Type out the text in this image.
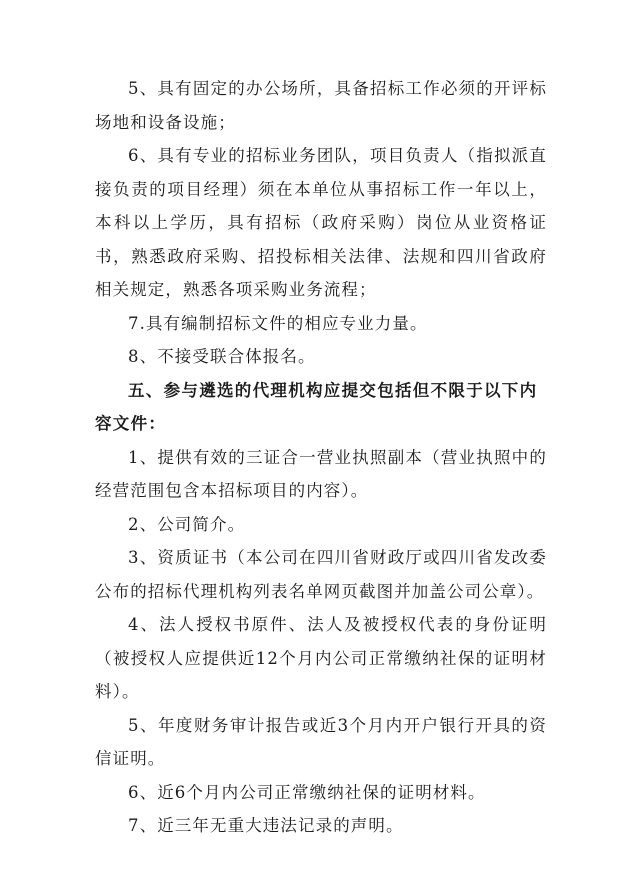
5、具有固定的办公场所，具备招标工作必须的开评标场地和设备设施；

6、具有专业的招标业务团队，项目负责人（指拟派直接负责的项目经理）须在本单位从事招标工作一年以上，本科以上学历，具有招标（政府采购）岗位从业资格证书，熟悉政府采购、招投标相关法律、法规和四川省政府相关规定，熟悉各项采购业务流程；

7.具有编制招标文件的相应专业力量。

8、不接受联合体报名。

五、参与遴选的代理机构应提交包括但不限于以下内容文件：

1、提供有效的三证合一营业执照副本（营业执照中的经营范围包含本招标项目的内容）。

2、公司简介。

3、资质证书（本公司在四川省财政厅或四川省发改委公布的招标代理机构列表名单网页截图并加盖公司公章）。

4、法人授权书原件、法人及被授权代表的身份证明（被授权人应提供近12个月内公司正常缴纳社保的证明材料）。

5、年度财务审计报告或近3个月内开户银行开具的资信证明。

6、近6个月内公司正常缴纳社保的证明材料。

7、近三年无重大违法记录的声明。
